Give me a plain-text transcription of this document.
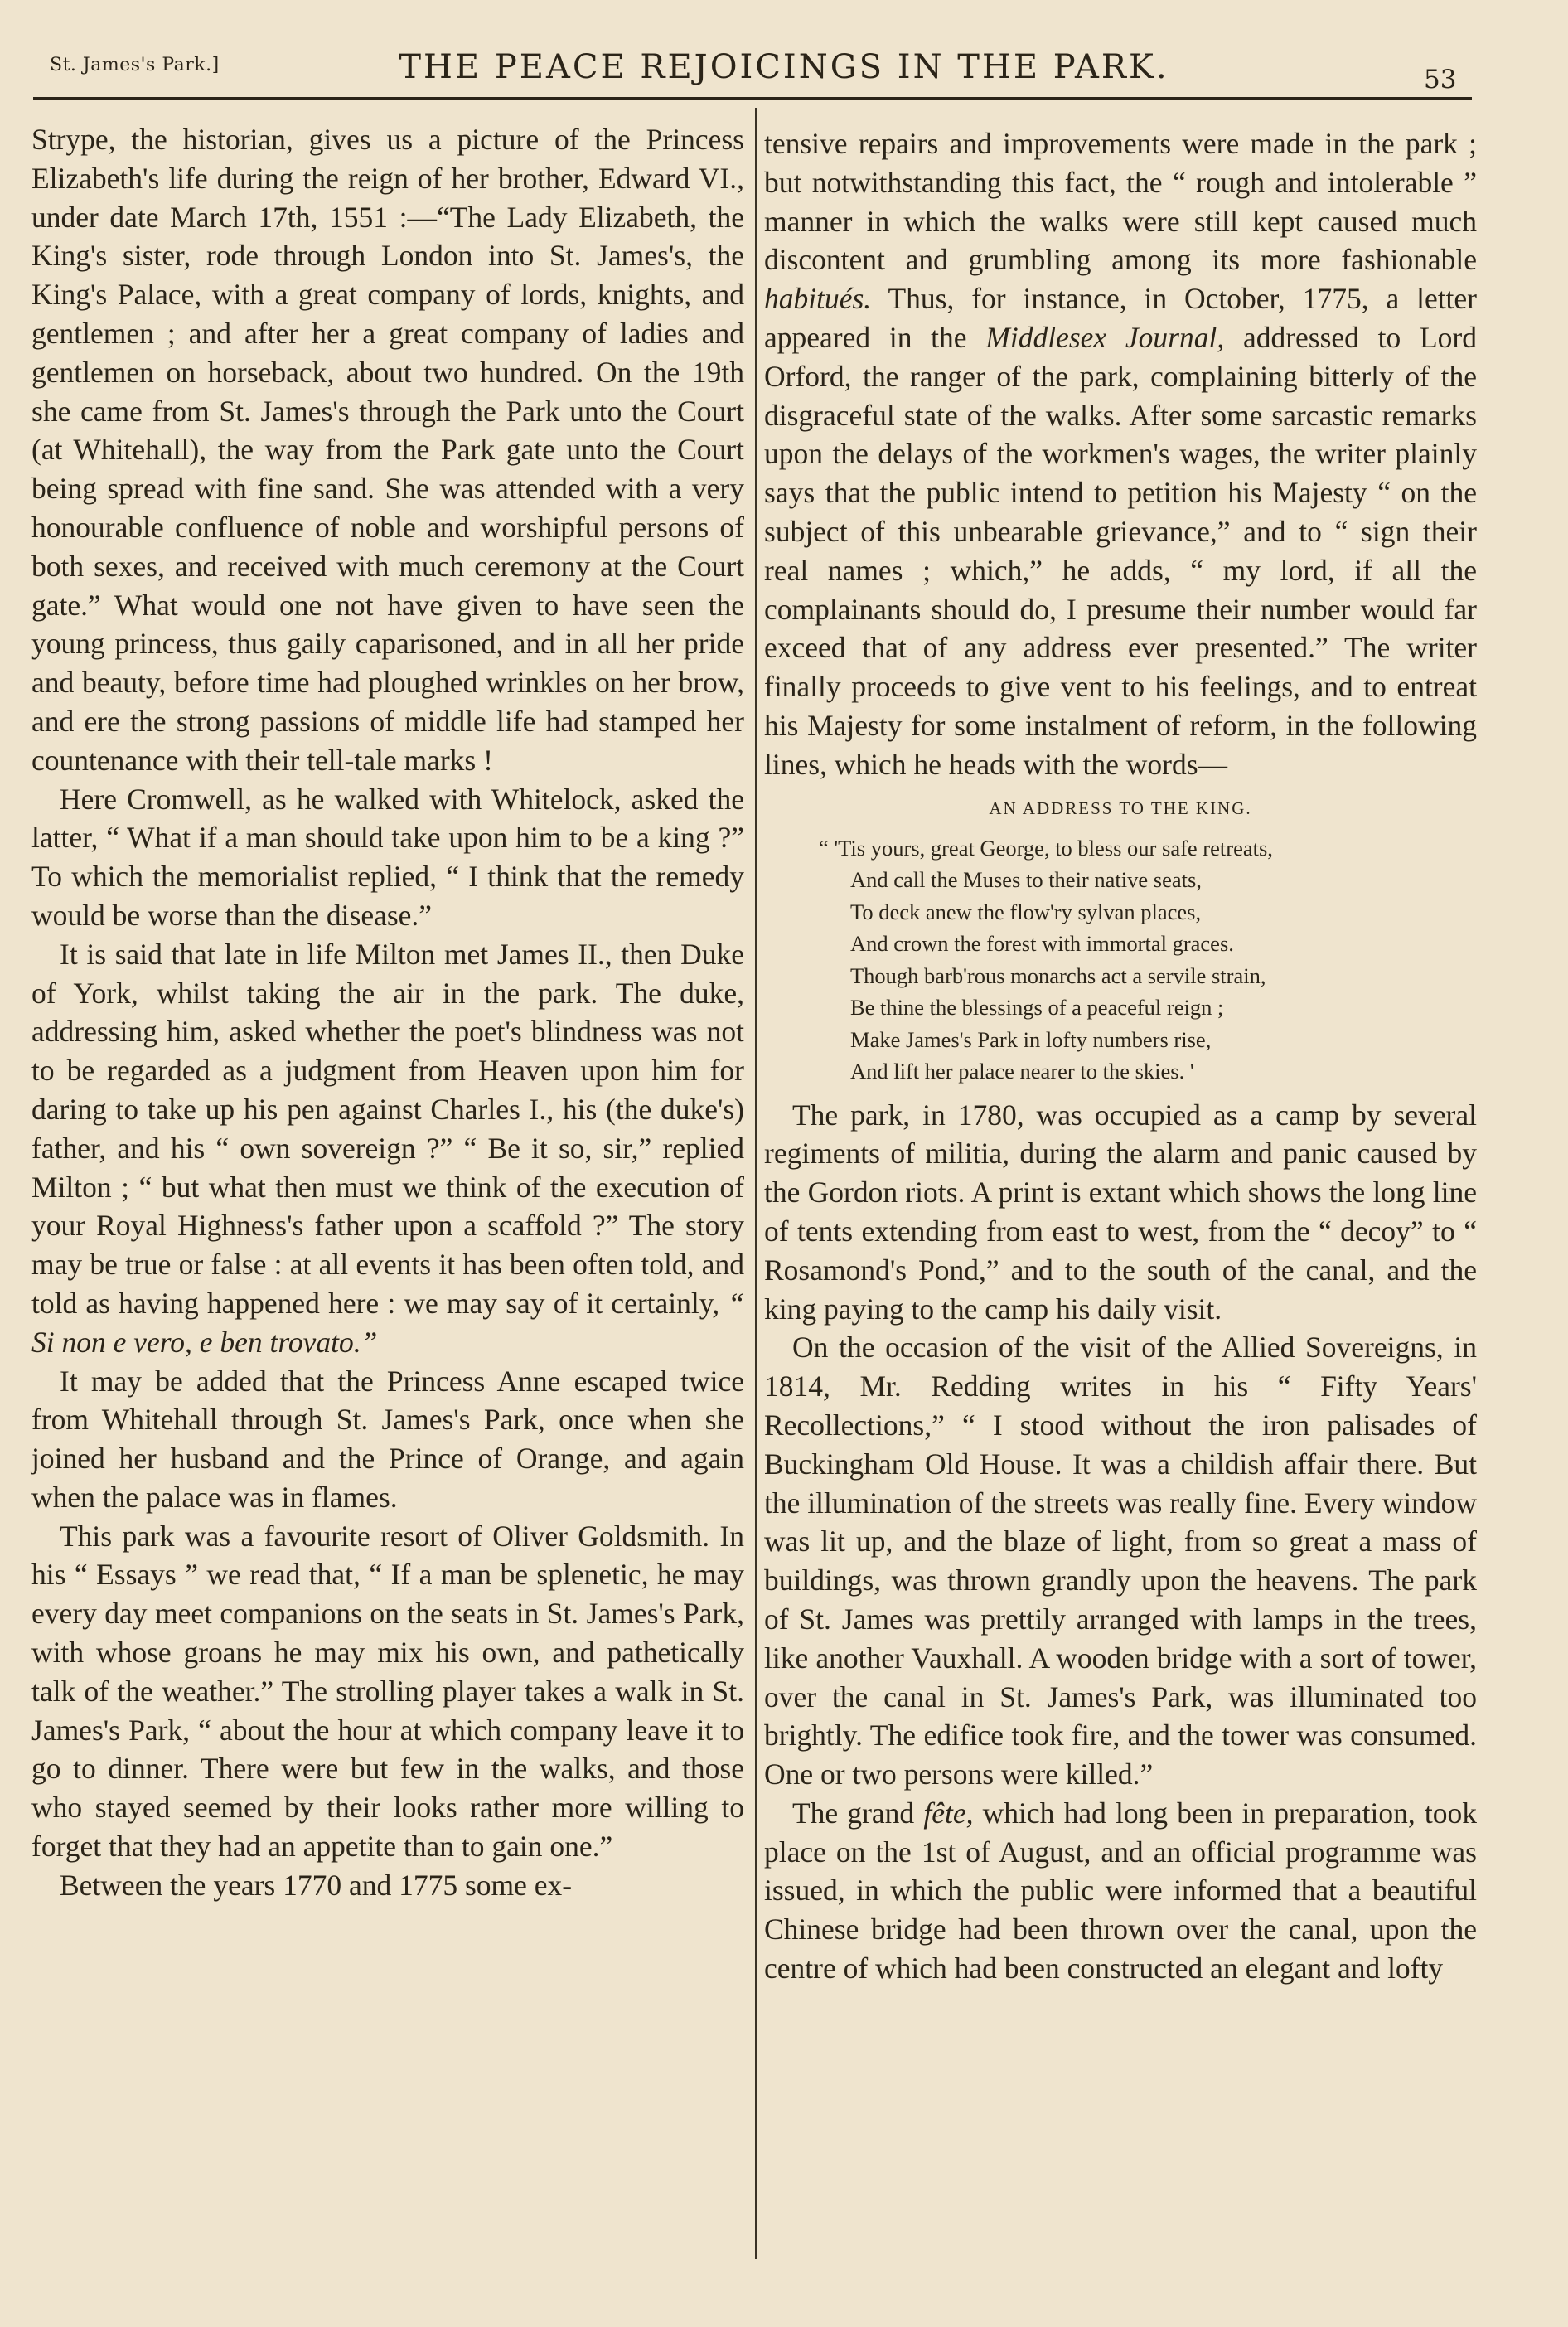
St. James's Park.]	THE PEACE REJOICINGS IN THE PARK.	53

Strype, the historian, gives us a picture of the Princess Elizabeth's life during the reign of her brother, Edward VI., under date March 17th, 1551 :—“The Lady Elizabeth, the King's sister, rode through London into St. James's, the King's Palace, with a great company of lords, knights, and gentlemen ; and after her a great company of ladies and gentlemen on horseback, about two hundred. On the 19th she came from St. James's through the Park unto the Court (at Whitehall), the way from the Park gate unto the Court being spread with fine sand. She was attended with a very honourable confluence of noble and worshipful persons of both sexes, and received with much ceremony at the Court gate.” What would one not have given to have seen the young princess, thus gaily caparisoned, and in all her pride and beauty, before time had ploughed wrinkles on her brow, and ere the strong passions of middle life had stamped her countenance with their tell-tale marks !

Here Cromwell, as he walked with Whitelock, asked the latter, “ What if a man should take upon him to be a king ?” To which the memorialist replied, “ I think that the remedy would be worse than the disease.”

It is said that late in life Milton met James II., then Duke of York, whilst taking the air in the park. The duke, addressing him, asked whether the poet's blindness was not to be regarded as a judgment from Heaven upon him for daring to take up his pen against Charles I., his (the duke's) father, and his “ own sovereign ?” “ Be it so, sir,” replied Milton ; “ but what then must we think of the execution of your Royal Highness's father upon a scaffold ?” The story may be true or false : at all events it has been often told, and told as having happened here : we may say of it certainly, “ Si non e vero, e ben trovato.”

It may be added that the Princess Anne escaped twice from Whitehall through St. James's Park, once when she joined her husband and the Prince of Orange, and again when the palace was in flames.

This park was a favourite resort of Oliver Goldsmith. In his “ Essays ” we read that, “ If a man be splenetic, he may every day meet companions on the seats in St. James's Park, with whose groans he may mix his own, and pathetically talk of the weather.” The strolling player takes a walk in St. James's Park, “ about the hour at which company leave it to go to dinner. There were but few in the walks, and those who stayed seemed by their looks rather more willing to forget that they had an appetite than to gain one.”

Between the years 1770 and 1775 some ex-

tensive repairs and improvements were made in the park ; but notwithstanding this fact, the “ rough and intolerable ” manner in which the walks were still kept caused much discontent and grumbling among its more fashionable habitués. Thus, for instance, in October, 1775, a letter appeared in the Middlesex Journal, addressed to Lord Orford, the ranger of the park, complaining bitterly of the disgraceful state of the walks. After some sarcastic remarks upon the delays of the workmen's wages, the writer plainly says that the public intend to petition his Majesty “ on the subject of this unbearable grievance,” and to “ sign their real names ; which,” he adds, “ my lord, if all the complainants should do, I presume their number would far exceed that of any address ever presented.” The writer finally proceeds to give vent to his feelings, and to entreat his Majesty for some instalment of reform, in the following lines, which he heads with the words—

AN ADDRESS TO THE KING.
“ 'Tis yours, great George, to bless our safe retreats,
And call the Muses to their native seats,
To deck anew the flow'ry sylvan places,
And crown the forest with immortal graces.
Though barb'rous monarchs act a servile strain,
Be thine the blessings of a peaceful reign ;
Make James's Park in lofty numbers rise,
And lift her palace nearer to the skies. '

The park, in 1780, was occupied as a camp by several regiments of militia, during the alarm and panic caused by the Gordon riots. A print is extant which shows the long line of tents extending from east to west, from the “ decoy” to “ Rosamond's Pond,” and to the south of the canal, and the king paying to the camp his daily visit.

On the occasion of the visit of the Allied Sovereigns, in 1814, Mr. Redding writes in his “ Fifty Years' Recollections,” “ I stood without the iron palisades of Buckingham Old House. It was a childish affair there. But the illumination of the streets was really fine. Every window was lit up, and the blaze of light, from so great a mass of buildings, was thrown grandly upon the heavens. The park of St. James was prettily arranged with lamps in the trees, like another Vauxhall. A wooden bridge with a sort of tower, over the canal in St. James's Park, was illuminated too brightly. The edifice took fire, and the tower was consumed. One or two persons were killed.”

The grand fête, which had long been in preparation, took place on the 1st of August, and an official programme was issued, in which the public were informed that a beautiful Chinese bridge had been thrown over the canal, upon the centre of which had been constructed an elegant and lofty
